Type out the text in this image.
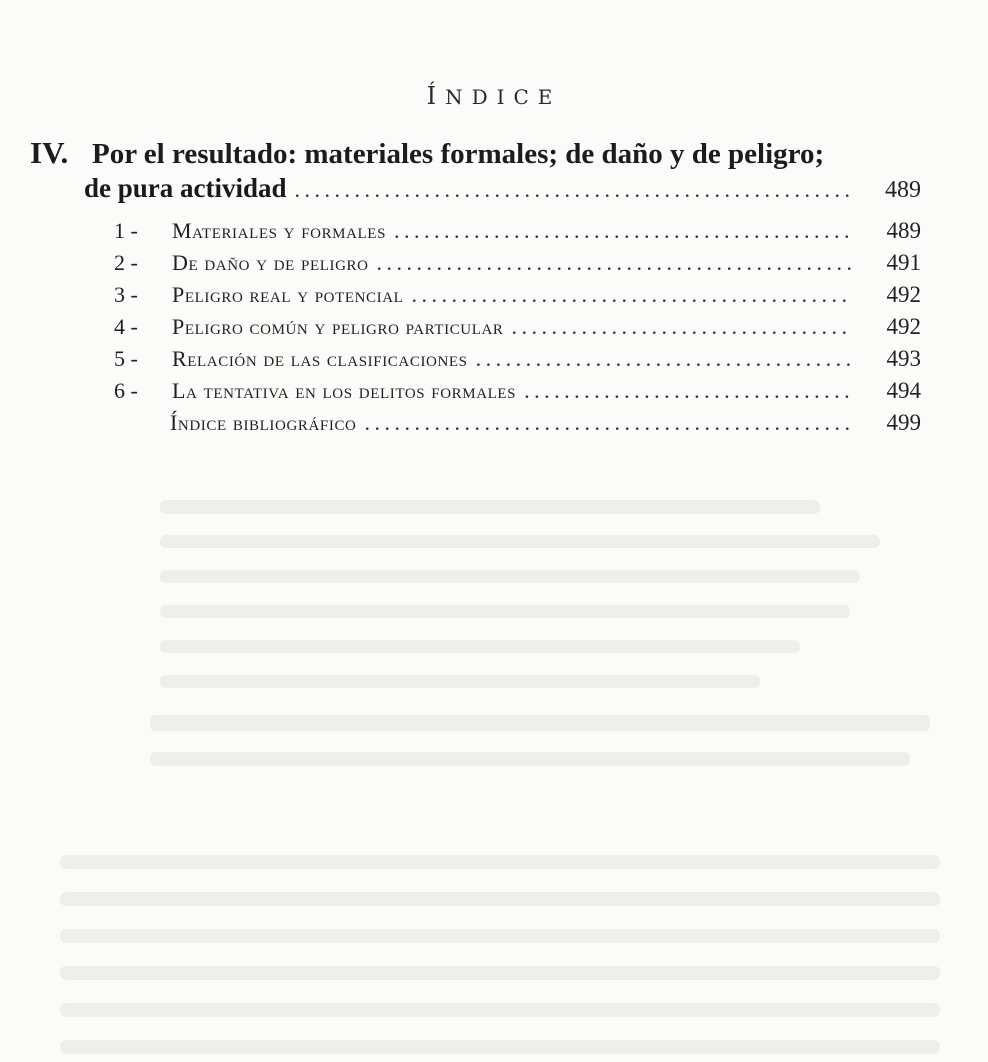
ÍNDICE
IV. Por el resultado: materiales formales; de daño y de peligro;
de pura actividad . . .	489
1 -	Materiales y formales . . .	489
2 -	De daño y de peligro . . .	491
3 -	Peligro real y potencial . . .	492
4 -	Peligro común y peligro particular . . .	492
5 -	Relación de las clasificaciones . . .	493
6 -	La tentativa en los delitos formales . . .	494
Índice bibliográfico . . .	499
